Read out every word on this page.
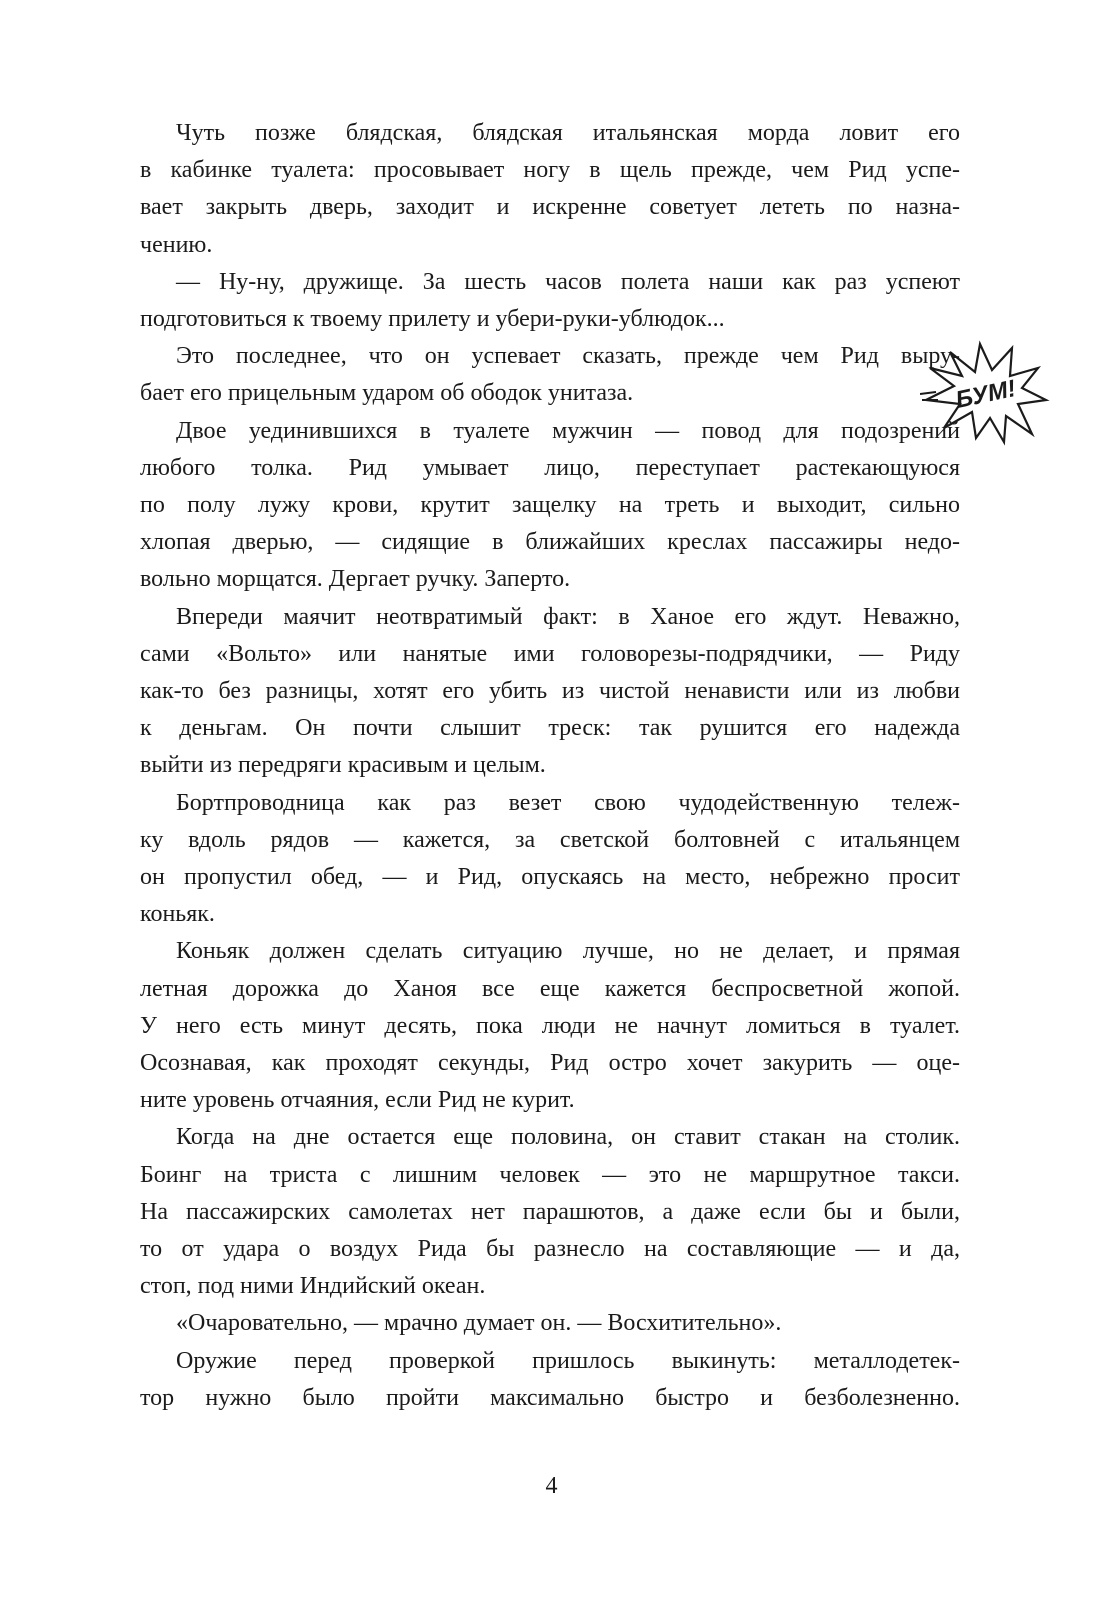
Чуть позже блядская, блядская итальянская морда ловит его
в кабинке туалета: просовывает ногу в щель прежде, чем Рид успе-
вает закрыть дверь, заходит и искренне советует лететь по назна-
чению.
— Ну-ну, дружище. За шесть часов полета наши как раз успеют
подготовиться к твоему прилету и убери-руки-ублюдок...
Это последнее, что он успевает сказать, прежде чем Рид выру-
бает его прицельным ударом об ободок унитаза.
Двое уединившихся в туалете мужчин — повод для подозрений
любого толка. Рид умывает лицо, переступает растекающуюся
по полу лужу крови, крутит защелку на треть и выходит, сильно
хлопая дверью, — сидящие в ближайших креслах пассажиры недо-
вольно морщатся. Дергает ручку. Заперто.
Впереди маячит неотвратимый факт: в Ханое его ждут. Неважно,
сами «Вольто» или нанятые ими головорезы-подрядчики, — Риду
как-то без разницы, хотят его убить из чистой ненависти или из любви
к деньгам. Он почти слышит треск: так рушится его надежда
выйти из передряги красивым и целым.
Бортпроводница как раз везет свою чудодейственную тележ-
ку вдоль рядов — кажется, за светской болтовней с итальянцем
он пропустил обед, — и Рид, опускаясь на место, небрежно просит
коньяк.
Коньяк должен сделать ситуацию лучше, но не делает, и прямая
летная дорожка до Ханоя все еще кажется беспросветной жопой.
У него есть минут десять, пока люди не начнут ломиться в туалет.
Осознавая, как проходят секунды, Рид остро хочет закурить — оце-
ните уровень отчаяния, если Рид не курит.
Когда на дне остается еще половина, он ставит стакан на столик.
Боинг на триста с лишним человек — это не маршрутное такси.
На пассажирских самолетах нет парашютов, а даже если бы и были,
то от удара о воздух Рида бы разнесло на составляющие — и да,
стоп, под ними Индийский океан.
«Очаровательно, — мрачно думает он. — Восхитительно».
Оружие перед проверкой пришлось выкинуть: металлодетек-
тор нужно было пройти максимально быстро и безболезненно.
БУМ!
4
